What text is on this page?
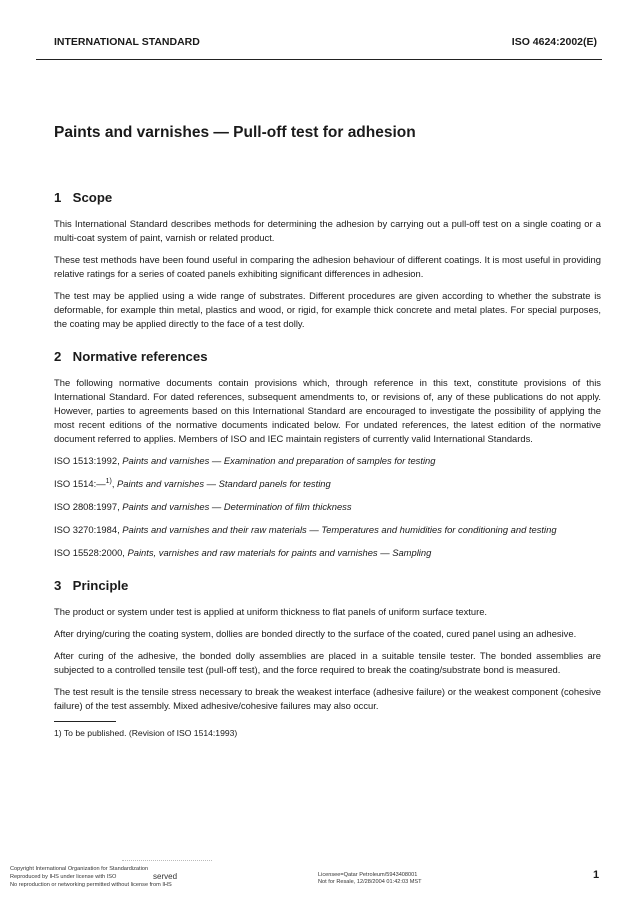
INTERNATIONAL STANDARD	ISO 4624:2002(E)
Paints and varnishes — Pull-off test for adhesion
1 Scope

This International Standard describes methods for determining the adhesion by carrying out a pull-off test on a single coating or a multi-coat system of paint, varnish or related product.

These test methods have been found useful in comparing the adhesion behaviour of different coatings. It is most useful in providing relative ratings for a series of coated panels exhibiting significant differences in adhesion.

The test may be applied using a wide range of substrates. Different procedures are given according to whether the substrate is deformable, for example thin metal, plastics and wood, or rigid, for example thick concrete and metal plates. For special purposes, the coating may be applied directly to the face of a test dolly.

2 Normative references

The following normative documents contain provisions which, through reference in this text, constitute provisions of this International Standard. For dated references, subsequent amendments to, or revisions of, any of these publications do not apply. However, parties to agreements based on this International Standard are encouraged to investigate the possibility of applying the most recent editions of the normative documents indicated below. For undated references, the latest edition of the normative document referred to applies. Members of ISO and IEC maintain registers of currently valid International Standards.

ISO 1513:1992, Paints and varnishes — Examination and preparation of samples for testing

ISO 1514:—$^{1)}$, Paints and varnishes — Standard panels for testing

ISO 2808:1997, Paints and varnishes — Determination of film thickness

ISO 3270:1984, Paints and varnishes and their raw materials — Temperatures and humidities for conditioning and testing

ISO 15528:2000, Paints, varnishes and raw materials for paints and varnishes — Sampling

3 Principle

The product or system under test is applied at uniform thickness to flat panels of uniform surface texture.

After drying/curing the coating system, dollies are bonded directly to the surface of the coated, cured panel using an adhesive.

After curing of the adhesive, the bonded dolly assemblies are placed in a suitable tensile tester. The bonded assemblies are subjected to a controlled tensile test (pull-off test), and the force required to break the coating/substrate bond is measured.

The test result is the tensile stress necessary to break the weakest interface (adhesive failure) or the weakest component (cohesive failure) of the test assembly. Mixed adhesive/cohesive failures may also occur.

1) To be published. (Revision of ISO 1514:1993)
Copyright International Organization for Standardization
Reproduced by IHS under license with ISO
No reproduction or networking permitted without license from IHS
served	Licensee=Qatar Petroleum/5943408001
Not for Resale, 12/28/2004 01:42:03 MST
1
